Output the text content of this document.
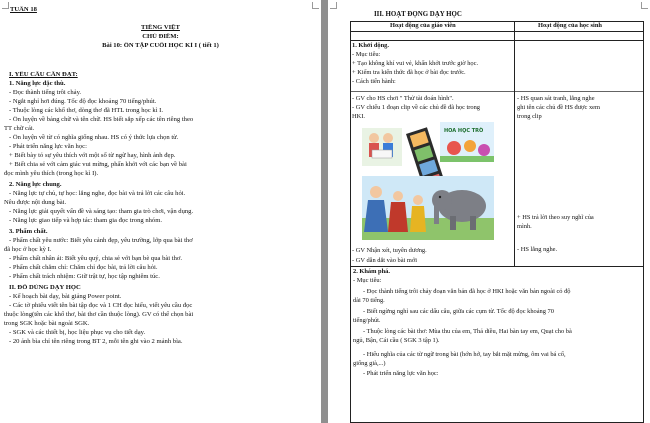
TUẦN 18
TIẾNG VIỆT
CHỦ ĐIỂM:
Bài 10: ÔN TẬP CUỐI HỌC KÌ I ( tiết 1)
I. YÊU CẦU CẦN ĐẠT:
1. Năng lực đặc thù.
- Đọc thành tiếng trôi chảy.
- Ngắt nghỉ hơi đúng. Tốc độ đọc khoảng 70 tiếng/phút.
- Thuộc lòng các khổ thơ, dòng thơ đã HTL trong học kì I.
- Ôn luyện về bảng chữ và tên chữ. HS biết sắp xếp các tên riêng theo
TT chữ cái.
- Ôn luyện về từ có nghĩa giống nhau. HS có ý thức lựa chọn từ.
- Phát triển năng lực văn học:
+ Biết bày tỏ sự yêu thích với một số từ ngữ hay, hình ảnh đẹp.
+ Biết chia sẻ với cảm giác vui mừng, phấn khởi với các bạn về bài
đọc mình yêu thích (trong học kì I).
2. Năng lực chung.
- Năng lực tự chủ, tự học: lắng nghe, đọc bài và trả lời các câu hỏi.
Nêu được nội dung bài.
- Năng lực giải quyết vấn đề và sáng tạo: tham gia trò chơi, vận dụng.
- Năng lực giao tiếp và hợp tác: tham gia đọc trong nhóm.
3. Phẩm chất.
- Phẩm chất yêu nước: Biết yêu cảnh đẹp, yêu trường, lớp qua bài thơ
đã học ở học kỳ I.
- Phẩm chất nhân ái: Biết yêu quý, chia sẻ với bạn bè qua bài thơ.
- Phẩm chất chăm chỉ: Chăm chỉ đọc bài, trả lời câu hỏi.
- Phẩm chất trách nhiệm: Giữ trật tự, học tập nghiêm túc.
II. ĐỒ DÙNG DẠY HỌC
- Kế hoạch bài dạy, bài giảng Power point.
- Các tờ phiếu viết tên bài tập đọc và 1 CH đọc hiểu, viết yêu cầu đọc
thuộc lòng(tên các khổ thơ, bài thơ cần thuộc lòng). GV có thể chọn bài
trong SGK hoặc bài ngoài SGK.
- SGK và các thiết bị, học liệu phục vụ cho tiết dạy.
- 20 ảnh bìa chỉ tên riêng trong BT 2, mỗi tên ghi vào 2 mảnh bìa.
III. HOẠT ĐỘNG DẠY HỌC
Hoạt động của giáo viên	Hoạt động của học sinh
1. Khởi động.
- Mục tiêu:
+ Tạo không khí vui vẻ, khấn khởi trước giờ học.
+ Kiểm tra kiến thức đã học ở bài đọc trước.
- Cách tiến hành:
- GV cho HS chơi " Thử tài đoán hình".
- GV chiếu 1 đoạn clip về các chủ đề đã học trong
HKI.
- GV Nhận xét, tuyên dương.
- GV dẫn dắt vào bài mới
- HS quan sát tranh, lắng nghe
ghi tên các chủ đề HS được xem
trong clip
+ HS trả lời theo suy nghĩ của
mình.
- HS lắng nghe.
2. Khám phá.
- Mục tiêu:
- Đọc thành tiếng trôi chảy đoạn văn bản đã học ở HKI hoặc văn bản ngoài cỏ độ
dài 70 tiếng.
- Biết ngừng nghỉ sau các dấu câu, giữa các cụm từ. Tốc độ đọc khoảng 70
tiếng/phút.
- Thuộc lòng các bài thơ: Mùa thu của em, Thả diều, Hai bàn tay em, Quạt cho bà
ngủ, Bận, Cái cầu ( SGK 3 tập 1).
- Hiểu nghĩa của các từ ngữ trong bài (hớn hở, tay bắt mặt mừng, ôm vai bá cổ,
giống già,...)
- Phát triển năng lực văn học:
HOA HỌC TRÒ
